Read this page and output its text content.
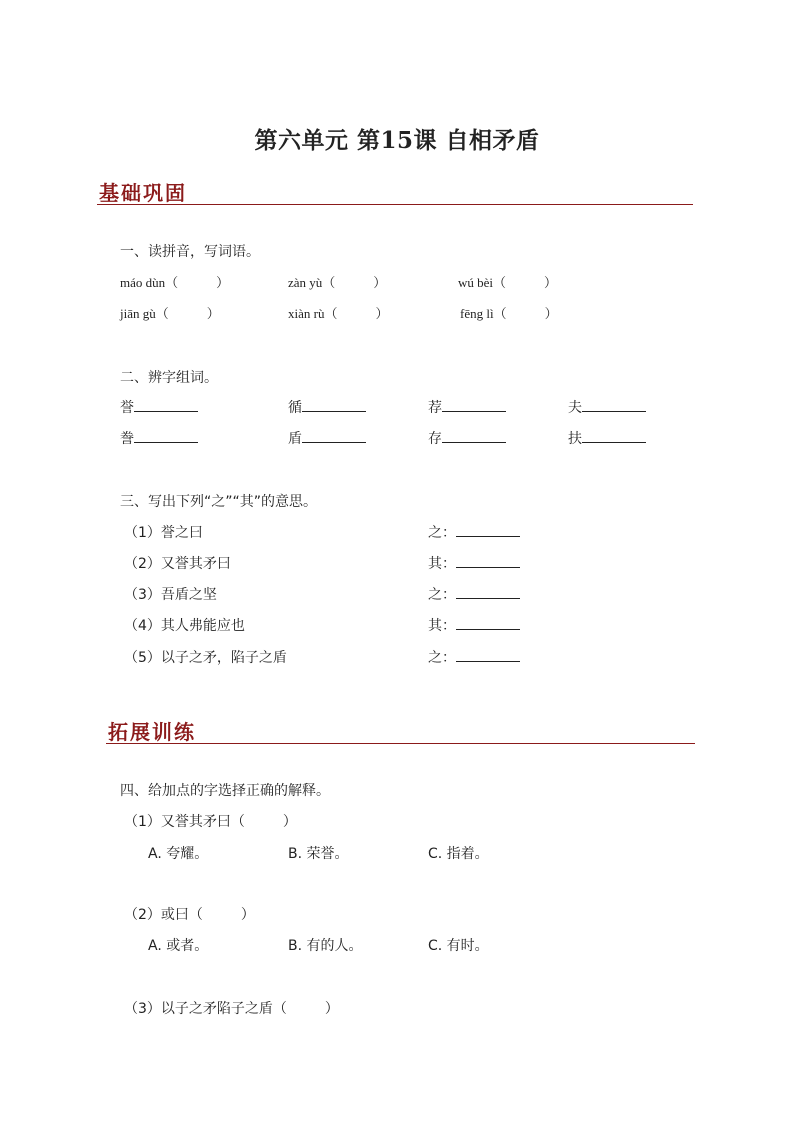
第六单元 第15课 自相矛盾
基础巩固
一、读拼音，写词语。
máo dùn（	）	zàn yù（	）	wú bèi（	）
jiān gù（	）	xiàn rù（	）	fēng lì（	）
二、辨字组词。
誉	循	荐	夫
誊	盾	存	扶
三、写出下列“之”“其”的意思。
（1）誉之曰	之：
（2）又誉其矛曰	其：
（3）吾盾之坚	之：
（4）其人弗能应也	其：
（5）以子之矛，陷子之盾	之：
拓展训练
四、给加点的字选择正确的解释。
（1）又誉其矛曰（	）
A. 夸耀。	B. 荣誉。	C. 指着。
（2）或曰（	）
A. 或者。	B. 有的人。	C. 有时。
（3）以子之矛陷子之盾（	）
